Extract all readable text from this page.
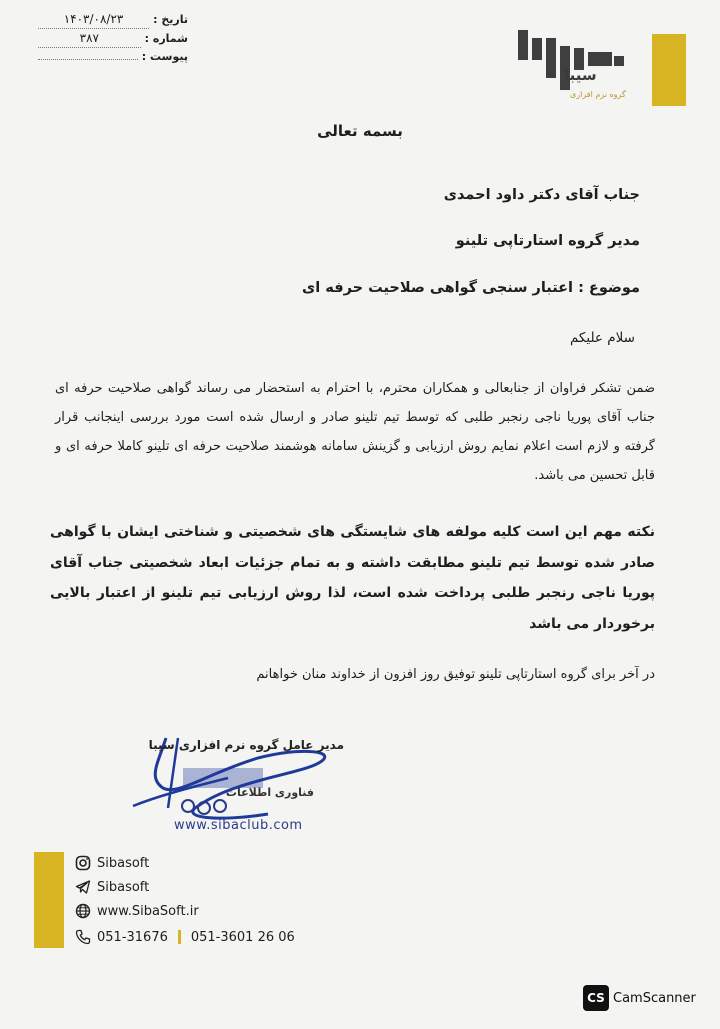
تاریخ :
۱۴۰۳/۰۸/۲۳
شماره :
۳۸۷
پیوست :
سیبا
گروه نرم افزاری
بسمه تعالی
جناب آقای دکتر داود احمدی
مدیر گروه استارتاپی تلینو
موضوع : اعتبار سنجی گواهی صلاحیت حرفه ای
سلام علیکم
ضمن تشکر فراوان از جنابعالی و همکاران محترم، با احترام به استحضار می رساند گواهی صلاحیت حرفه ای جناب آقای پوریا ناجی رنجبر طلبی که توسط تیم تلینو صادر و ارسال شده است مورد بررسی اینجانب قرار گرفته و لازم است اعلام نمایم روش ارزیابی و گزینش سامانه هوشمند صلاحیت حرفه ای تلینو کاملا حرفه ای و قابل تحسین می باشد.
نکته مهم این است کلیه مولفه های شایستگی های شخصیتی و شناختی ایشان با گواهی صادر شده توسط تیم تلینو مطابقت داشته و به تمام جزئیات ابعاد شخصیتی جناب آقای پوریا ناجی رنجبر طلبی پرداخت شده است، لذا روش ارزیابی تیم تلینو از اعتبار بالایی برخوردار می باشد
در آخر برای گروه استارتاپی تلینو توفیق روز افزون از خداوند منان خواهانم
مدیر عامل گروه نرم افزاری سیبا
فناوری اطلاعات
www.sibaclub.com
Sibasoft
Sibasoft
www.SibaSoft.ir
051-31676 051-3601 26 06
CS CamScanner
